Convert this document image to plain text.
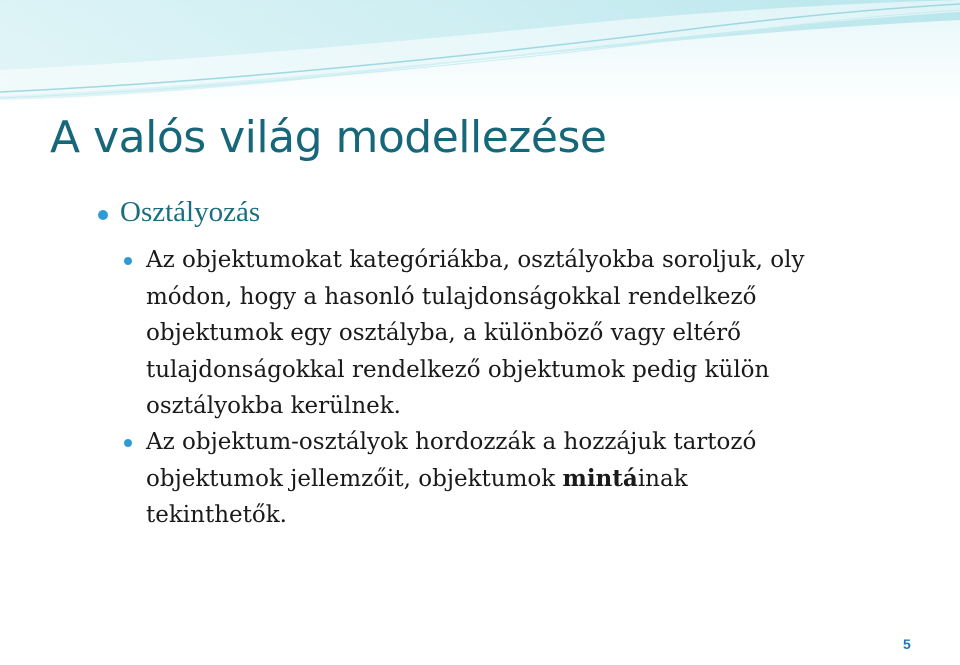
A valós világ modellezése
Osztályozás
Az objektumokat kategóriákba, osztályokba soroljuk, oly
módon, hogy a hasonló tulajdonságokkal rendelkező
objektumok egy osztályba, a különböző vagy eltérő
tulajdonságokkal rendelkező objektumok pedig külön
osztályokba kerülnek.
Az objektum-osztályok hordozzák a hozzájuk tartozó
objektumok jellemzőit, objektumok mintáinak
tekinthetők.
5
